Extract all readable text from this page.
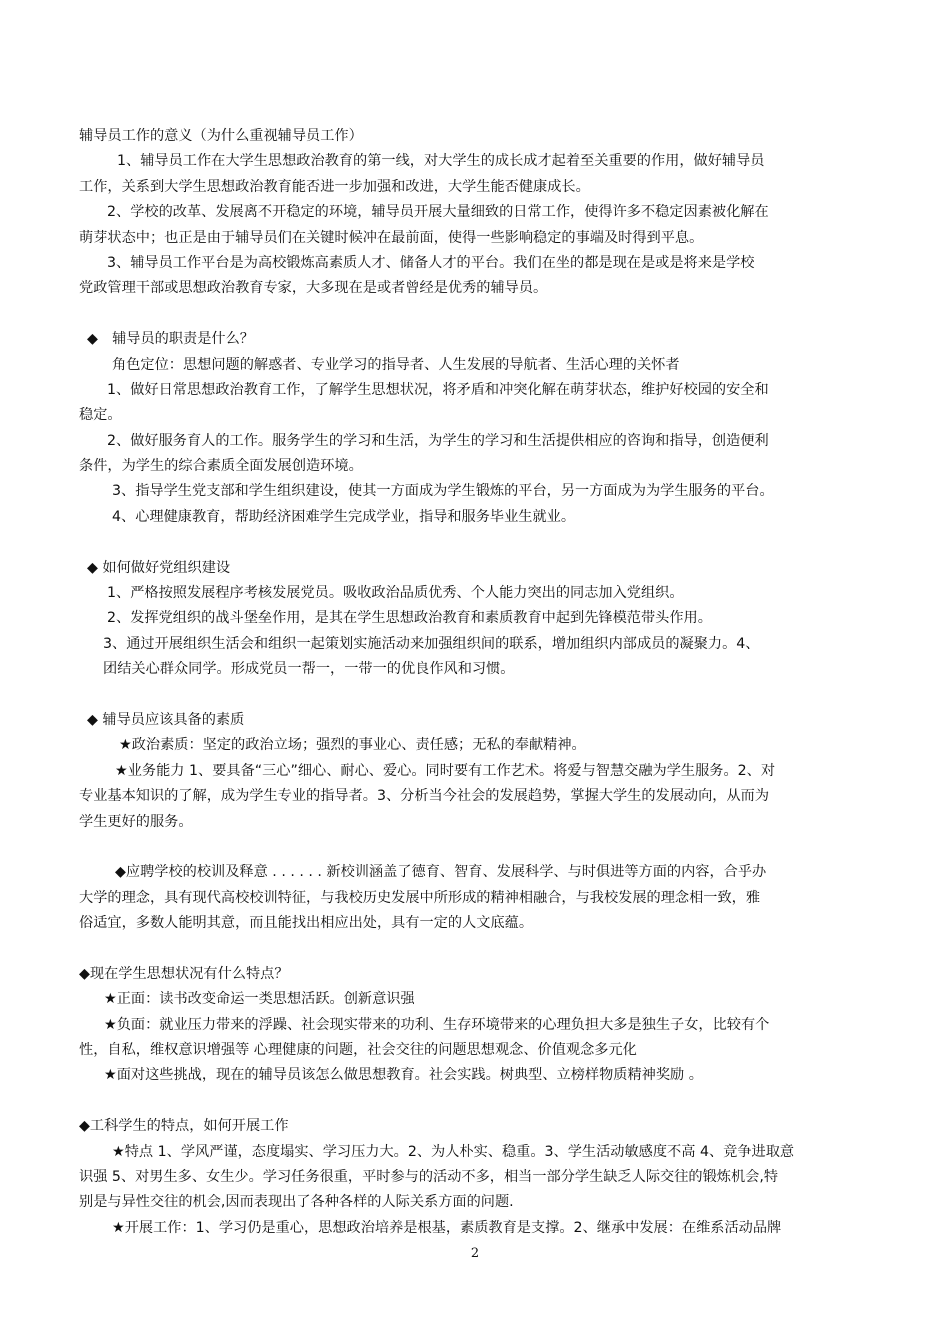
辅导员工作的意义（为什么重视辅导员工作）
1、辅导员工作在大学生思想政治教育的第一线，对大学生的成长成才起着至关重要的作用，做好辅导员
工作，关系到大学生思想政治教育能否进一步加强和改进，大学生能否健康成长。
2、学校的改革、发展离不开稳定的环境，辅导员开展大量细致的日常工作，使得许多不稳定因素被化解在
萌芽状态中；也正是由于辅导员们在关键时候冲在最前面，使得一些影响稳定的事端及时得到平息。
3、辅导员工作平台是为高校锻炼高素质人才、储备人才的平台。我们在坐的都是现在是或是将来是学校
党政管理干部或思想政治教育专家，大多现在是或者曾经是优秀的辅导员。
◆　辅导员的职责是什么？
角色定位：思想问题的解惑者、专业学习的指导者、人生发展的导航者、生活心理的关怀者
1、做好日常思想政治教育工作，了解学生思想状况，将矛盾和冲突化解在萌芽状态，维护好校园的安全和
稳定。
2、做好服务育人的工作。服务学生的学习和生活，为学生的学习和生活提供相应的咨询和指导，创造便利
条件，为学生的综合素质全面发展创造环境。
3、指导学生党支部和学生组织建设，使其一方面成为学生锻炼的平台，另一方面成为为学生服务的平台。
4、心理健康教育，帮助经济困难学生完成学业，指导和服务毕业生就业。
◆ 如何做好党组织建设
1、严格按照发展程序考核发展党员。吸收政治品质优秀、个人能力突出的同志加入党组织。
2、发挥党组织的战斗堡垒作用，是其在学生思想政治教育和素质教育中起到先锋模范带头作用。
3、通过开展组织生活会和组织一起策划实施活动来加强组织间的联系，增加组织内部成员的凝聚力。4、
团结关心群众同学。形成党员一帮一，一带一的优良作风和习惯。
◆ 辅导员应该具备的素质
★政治素质：坚定的政治立场；强烈的事业心、责任感；无私的奉献精神。
★业务能力 1、要具备“三心”细心、耐心、爱心。同时要有工作艺术。将爱与智慧交融为学生服务。2、对
专业基本知识的了解，成为学生专业的指导者。3、分析当今社会的发展趋势，掌握大学生的发展动向，从而为
学生更好的服务。
◆应聘学校的校训及释意 . . . . . . 新校训涵盖了德育、智育、发展科学、与时俱进等方面的内容，合乎办
大学的理念，具有现代高校校训特征，与我校历史发展中所形成的精神相融合，与我校发展的理念相一致，雅
俗适宜，多数人能明其意，而且能找出相应出处，具有一定的人文底蕴。
◆现在学生思想状况有什么特点？
★正面：读书改变命运一类思想活跃。创新意识强
★负面：就业压力带来的浮躁、社会现实带来的功利、生存环境带来的心理负担大多是独生子女，比较有个
性，自私，维权意识增强等 心理健康的问题，社会交往的问题思想观念、价值观念多元化
★面对这些挑战，现在的辅导员该怎么做思想教育。社会实践。树典型、立榜样物质精神奖励 。
◆工科学生的特点，如何开展工作
★特点 1、学风严谨，态度塌实、学习压力大。2、为人朴实、稳重。3、学生活动敏感度不高 4、竞争进取意
识强 5、对男生多、女生少。学习任务很重，平时参与的活动不多，相当一部分学生缺乏人际交往的锻炼机会,特
别是与异性交往的机会,因而表现出了各种各样的人际关系方面的问题.
★开展工作：1、学习仍是重心，思想政治培养是根基，素质教育是支撑。2、继承中发展：在维系活动品牌
2
